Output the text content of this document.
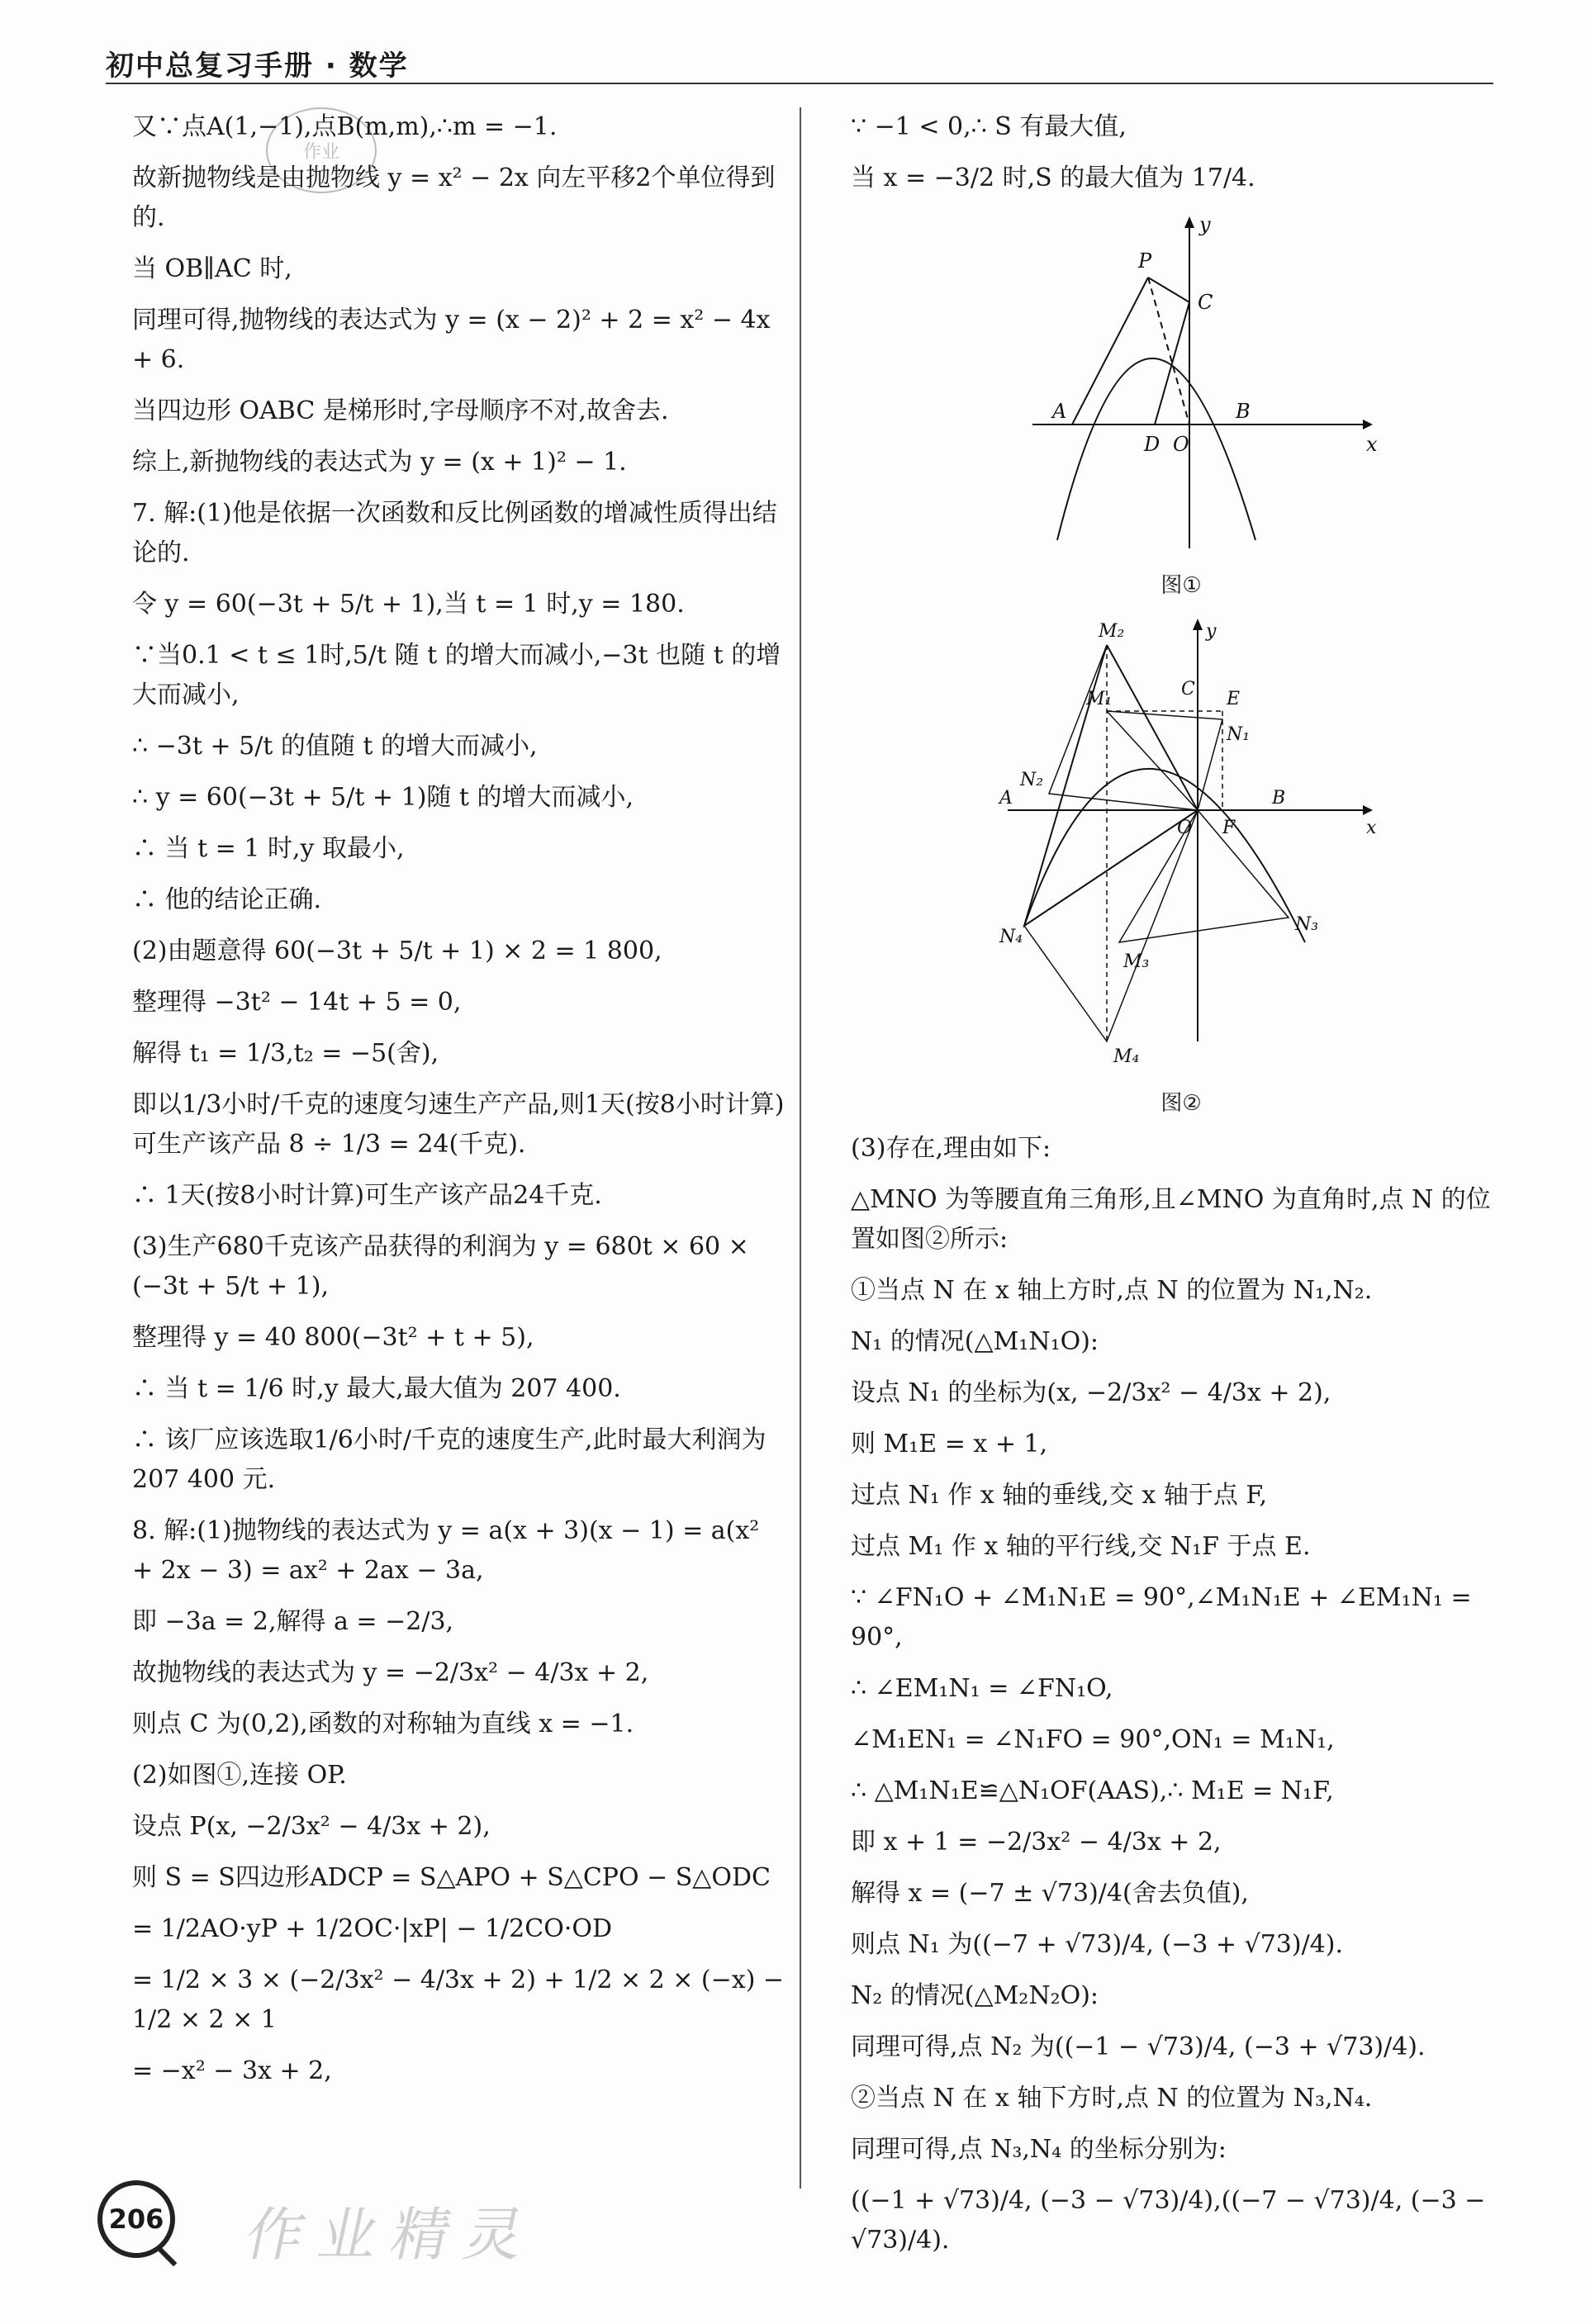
初中总复习手册 · 数学
作业

又∵点A(1,−1),点B(m,m),∴m = −1.

故新抛物线是由抛物线 y = x² − 2x 向左平移2个单位得到的.

当 OB∥AC 时,

同理可得,抛物线的表达式为 y = (x − 2)² + 2 = x² − 4x + 6.

当四边形 OABC 是梯形时,字母顺序不对,故舍去.

综上,新抛物线的表达式为 y = (x + 1)² − 1.

7. 解:(1)他是依据一次函数和反比例函数的增减性质得出结论的.

令 y = 60(−3t + 5/t + 1),当 t = 1 时,y = 180.

∵当0.1 < t ≤ 1时,5/t 随 t 的增大而减小,−3t 也随 t 的增大而减小,

∴ −3t + 5/t 的值随 t 的增大而减小,

∴ y = 60(−3t + 5/t + 1)随 t 的增大而减小,

∴ 当 t = 1 时,y 取最小,

∴ 他的结论正确.

(2)由题意得 60(−3t + 5/t + 1) × 2 = 1 800,

整理得 −3t² − 14t + 5 = 0,

解得 t₁ = 1/3,t₂ = −5(舍),

即以1/3小时/千克的速度匀速生产产品,则1天(按8小时计算)可生产该产品 8 ÷ 1/3 = 24(千克).

∴ 1天(按8小时计算)可生产该产品24千克.

(3)生产680千克该产品获得的利润为 y = 680t × 60 × (−3t + 5/t + 1),

整理得 y = 40 800(−3t² + t + 5),

∴ 当 t = 1/6 时,y 最大,最大值为 207 400.

∴ 该厂应该选取1/6小时/千克的速度生产,此时最大利润为 207 400 元.

8. 解:(1)抛物线的表达式为 y = a(x + 3)(x − 1) = a(x² + 2x − 3) = ax² + 2ax − 3a,

即 −3a = 2,解得 a = −2/3,

故抛物线的表达式为 y = −2/3x² − 4/3x + 2,

则点 C 为(0,2),函数的对称轴为直线 x = −1.

(2)如图①,连接 OP.

设点 P(x, −2/3x² − 4/3x + 2),

则 S = S四边形ADCP = S△APO + S△CPO − S△ODC

= 1/2AO·yP + 1/2OC·|xP| − 1/2CO·OD

= 1/2 × 3 × (−2/3x² − 4/3x + 2) + 1/2 × 2 × (−x) − 1/2 × 2 × 1

= −x² − 3x + 2,

∵ −1 < 0,∴ S 有最大值,

当 x = −3/2 时,S 的最大值为 17/4.

P
C
A
D O
B
x
y
图①
M₂	y
M₁	C E
N₂
N₁
A	B
O F	x
N₄
N₃
M₃
M₄
图②

(3)存在,理由如下:

△MNO 为等腰直角三角形,且∠MNO 为直角时,点 N 的位置如图②所示:

①当点 N 在 x 轴上方时,点 N 的位置为 N₁,N₂.

N₁ 的情况(△M₁N₁O):

设点 N₁ 的坐标为(x, −2/3x² − 4/3x + 2),

则 M₁E = x + 1,

过点 N₁ 作 x 轴的垂线,交 x 轴于点 F,

过点 M₁ 作 x 轴的平行线,交 N₁F 于点 E.

∵ ∠FN₁O + ∠M₁N₁E = 90°,∠M₁N₁E + ∠EM₁N₁ = 90°,

∴ ∠EM₁N₁ = ∠FN₁O,

∠M₁EN₁ = ∠N₁FO = 90°,ON₁ = M₁N₁,

∴ △M₁N₁E≌△N₁OF(AAS),∴ M₁E = N₁F,

即 x + 1 = −2/3x² − 4/3x + 2,

解得 x = (−7 ± √73)/4(舍去负值),

则点 N₁ 为((−7 + √73)/4, (−3 + √73)/4).

N₂ 的情况(△M₂N₂O):

同理可得,点 N₂ 为((−1 − √73)/4, (−3 + √73)/4).

②当点 N 在 x 轴下方时,点 N 的位置为 N₃,N₄.

同理可得,点 N₃,N₄ 的坐标分别为:

((−1 + √73)/4, (−3 − √73)/4),((−7 − √73)/4, (−3 − √73)/4).

作业精灵
206
